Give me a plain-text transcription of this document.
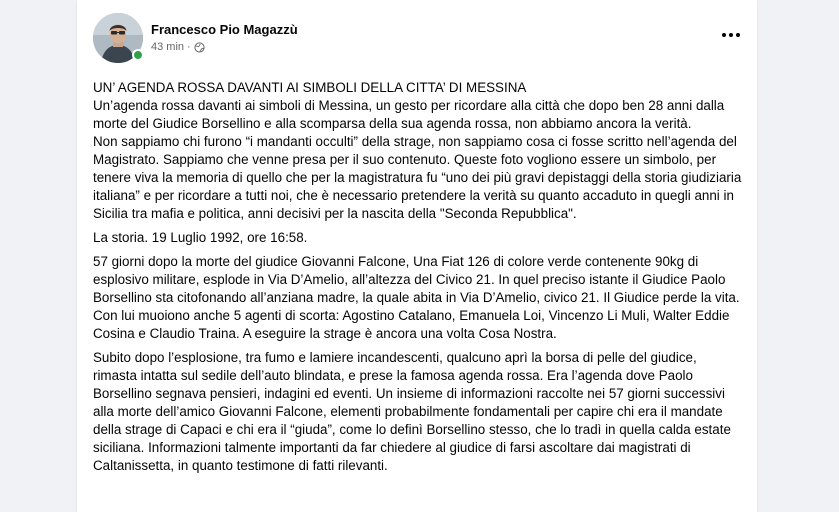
Francesco Pio Magazzù
43 min ·

UN’ AGENDA ROSSA DAVANTI AI SIMBOLI DELLA CITTA’ DI MESSINA
Un’agenda rossa davanti ai simboli di Messina, un gesto per ricordare alla città che dopo ben 28 anni dalla morte del Giudice Borsellino e alla scomparsa della sua agenda rossa, non abbiamo ancora la verità.
Non sappiamo chi furono “i mandanti occulti” della strage, non sappiamo cosa ci fosse scritto nell’agenda del Magistrato. Sappiamo che venne presa per il suo contenuto. Queste foto vogliono essere un simbolo, per tenere viva la memoria di quello che per la magistratura fu “uno dei più gravi depistaggi della storia giudiziaria italiana” e per ricordare a tutti noi, che è necessario pretendere la verità su quanto accaduto in quegli anni in Sicilia tra mafia e politica, anni decisivi per la nascita della "Seconda Repubblica".

La storia. 19 Luglio 1992, ore 16:58.

57 giorni dopo la morte del giudice Giovanni Falcone, Una Fiat 126 di colore verde contenente 90kg di esplosivo militare, esplode in Via D’Amelio, all’altezza del Civico 21. In quel preciso istante il Giudice Paolo Borsellino sta citofonando all’anziana madre, la quale abita in Via D’Amelio, civico 21. Il Giudice perde la vita. Con lui muoiono anche 5 agenti di scorta: Agostino Catalano, Emanuela Loi, Vincenzo Li Muli, Walter Eddie Cosina e Claudio Traina. A eseguire la strage è ancora una volta Cosa Nostra.

Subito dopo l’esplosione, tra fumo e lamiere incandescenti, qualcuno aprì la borsa di pelle del giudice, rimasta intatta sul sedile dell’auto blindata, e prese la famosa agenda rossa. Era l’agenda dove Paolo Borsellino segnava pensieri, indagini ed eventi. Un insieme di informazioni raccolte nei 57 giorni successivi alla morte dell’amico Giovanni Falcone, elementi probabilmente fondamentali per capire chi era il mandate della strage di Capaci e chi era il “giuda”, come lo definì Borsellino stesso, che lo tradì in quella calda estate siciliana. Informazioni talmente importanti da far chiedere al giudice di farsi ascoltare dai magistrati di Caltanissetta, in quanto testimone di fatti rilevanti.
